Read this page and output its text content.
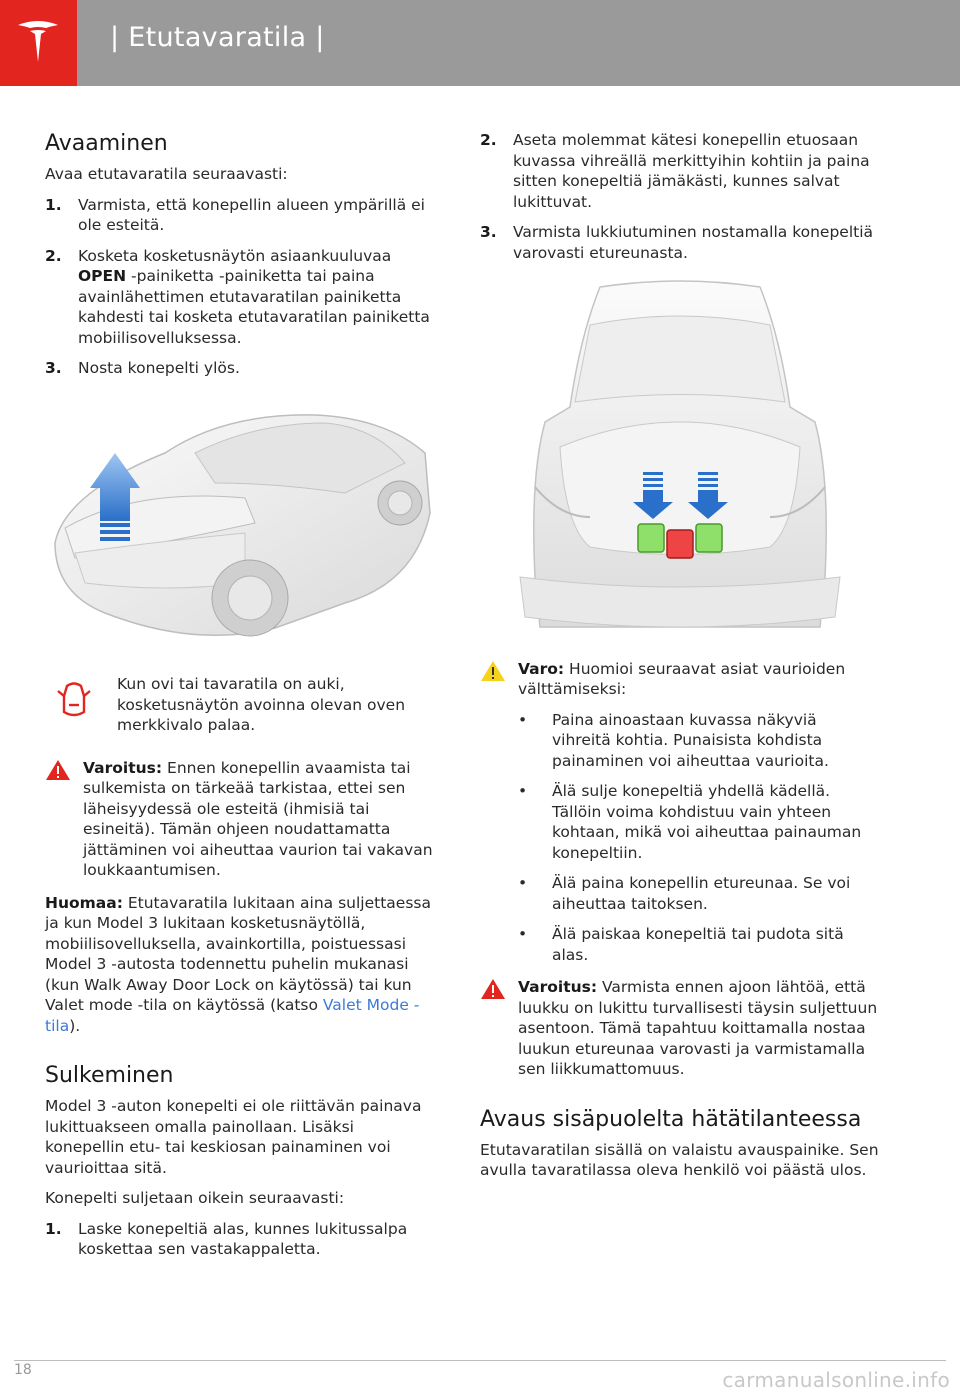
| Etutavaratila |
Avaaminen

Avaa etutavaratila seuraavasti:

1. Varmista, että konepellin alueen ympärillä ei ole esteitä.
2. Kosketa kosketusnäytön asiaankuuluvaa OPEN -painiketta -painiketta tai paina avainlähettimen etutavaratilan painiketta kahdesti tai kosketa etutavaratilan painiketta mobiilisovelluksessa.
3. Nosta konepelti ylös.
Kun ovi tai tavaratila on auki, kosketusnäytön avoinna olevan oven merkkivalo palaa.
Varoitus: Ennen konepellin avaamista tai sulkemista on tärkeää tarkistaa, ettei sen läheisyydessä ole esteitä (ihmisiä tai esineitä). Tämän ohjeen noudattamatta jättäminen voi aiheuttaa vaurion tai vakavan loukkaantumisen.

Huomaa: Etutavaratila lukitaan aina suljettaessa ja kun Model 3 lukitaan kosketusnäytöllä, mobiilisovelluksella, avainkortilla, poistuessasi Model 3 -autosta todennettu puhelin mukanasi (kun Walk Away Door Lock on käytössä) tai kun Valet mode -tila on käytössä (katso Valet Mode -tila).

Sulkeminen

Model 3 -auton konepelti ei ole riittävän painava lukittuakseen omalla painollaan. Lisäksi konepellin etu- tai keskiosan painaminen voi vaurioittaa sitä.

Konepelti suljetaan oikein seuraavasti:

1. Laske konepeltiä alas, kunnes lukitussalpa koskettaa sen vastakappaletta.
2. Aseta molemmat kätesi konepellin etuosaan kuvassa vihreällä merkittyihin kohtiin ja paina sitten konepeltiä jämäkästi, kunnes salvat lukittuvat.
3. Varmista lukkiutuminen nostamalla konepeltiä varovasti etureunasta.
Varo: Huomioi seuraavat asiat vaurioiden välttämiseksi:
• Paina ainoastaan kuvassa näkyviä vihreitä kohtia. Punaisista kohdista painaminen voi aiheuttaa vaurioita.
• Älä sulje konepeltiä yhdellä kädellä. Tällöin voima kohdistuu vain yhteen kohtaan, mikä voi aiheuttaa painauman konepeltiin.
• Älä paina konepellin etureunaa. Se voi aiheuttaa taitoksen.
• Älä paiskaa konepeltiä tai pudota sitä alas.
Varoitus: Varmista ennen ajoon lähtöä, että luukku on lukittu turvallisesti täysin suljettuun asentoon. Tämä tapahtuu koittamalla nostaa luukun etureunaa varovasti ja varmistamalla sen liikkumattomuus.
Avaus sisäpuolelta hätätilanteessa

Etutavaratilan sisällä on valaistu avauspainike. Sen avulla tavaratilassa oleva henkilö voi päästä ulos.

18	carmanualsonline.info
